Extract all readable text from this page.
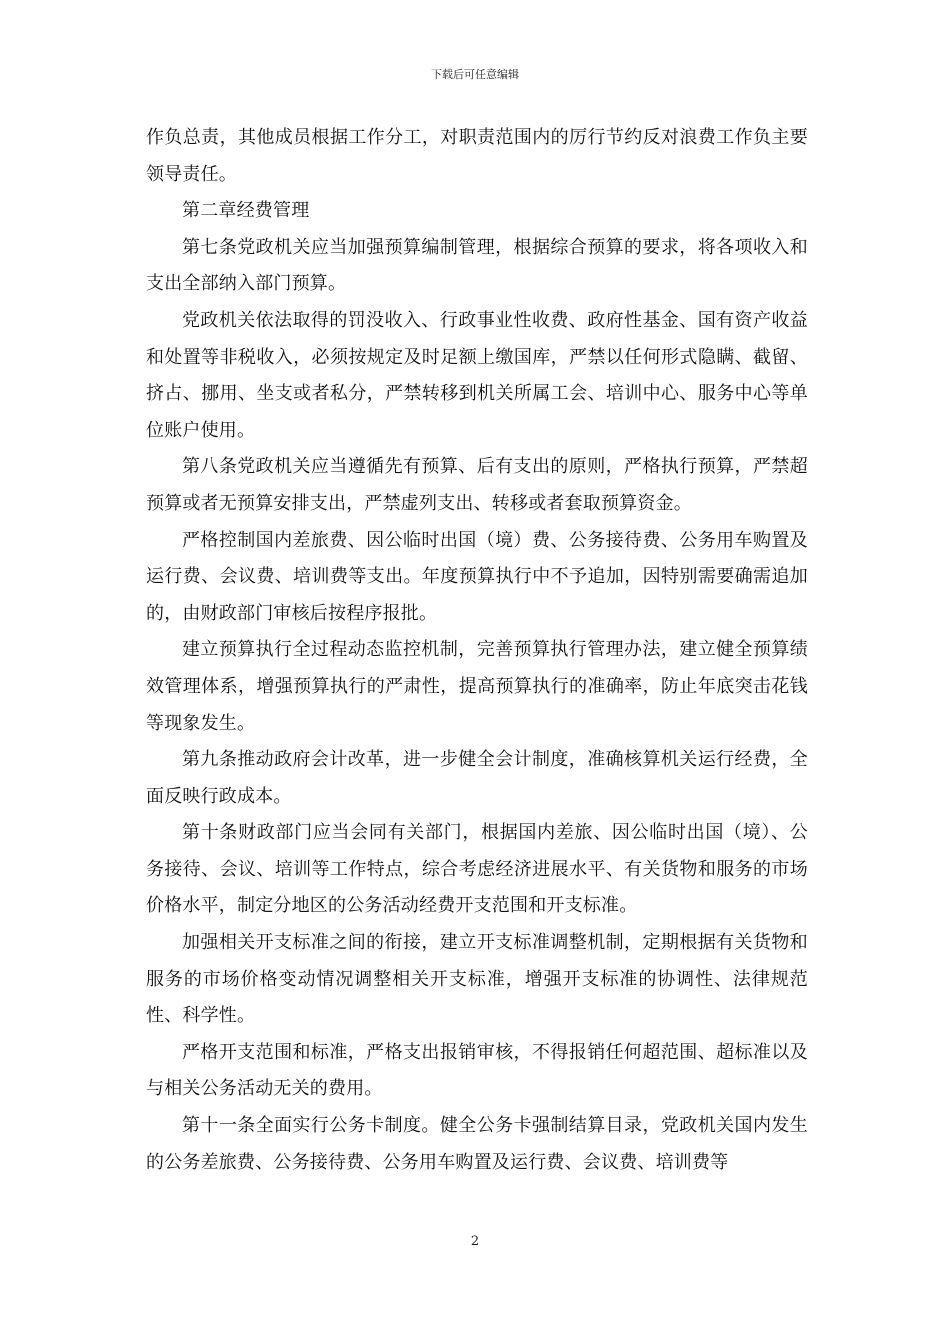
下载后可任意编辑

作负总责，其他成员根据工作分工，对职责范围内的厉行节约反对浪费工作负主要领导责任。

第二章经费管理

第七条党政机关应当加强预算编制管理，根据综合预算的要求，将各项收入和支出全部纳入部门预算。

党政机关依法取得的罚没收入、行政事业性收费、政府性基金、国有资产收益和处置等非税收入，必须按规定及时足额上缴国库，严禁以任何形式隐瞒、截留、挤占、挪用、坐支或者私分，严禁转移到机关所属工会、培训中心、服务中心等单位账户使用。

第八条党政机关应当遵循先有预算、后有支出的原则，严格执行预算，严禁超预算或者无预算安排支出，严禁虚列支出、转移或者套取预算资金。

严格控制国内差旅费、因公临时出国（境）费、公务接待费、公务用车购置及运行费、会议费、培训费等支出。年度预算执行中不予追加，因特别需要确需追加的，由财政部门审核后按程序报批。

建立预算执行全过程动态监控机制，完善预算执行管理办法，建立健全预算绩效管理体系，增强预算执行的严肃性，提高预算执行的准确率，防止年底突击花钱等现象发生。

第九条推动政府会计改革，进一步健全会计制度，准确核算机关运行经费，全面反映行政成本。

第十条财政部门应当会同有关部门，根据国内差旅、因公临时出国（境）、公务接待、会议、培训等工作特点，综合考虑经济进展水平、有关货物和服务的市场价格水平，制定分地区的公务活动经费开支范围和开支标准。

加强相关开支标准之间的衔接，建立开支标准调整机制，定期根据有关货物和服务的市场价格变动情况调整相关开支标准，增强开支标准的协调性、法律规范性、科学性。

严格开支范围和标准，严格支出报销审核，不得报销任何超范围、超标准以及与相关公务活动无关的费用。

第十一条全面实行公务卡制度。健全公务卡强制结算目录，党政机关国内发生的公务差旅费、公务接待费、公务用车购置及运行费、会议费、培训费等

2
